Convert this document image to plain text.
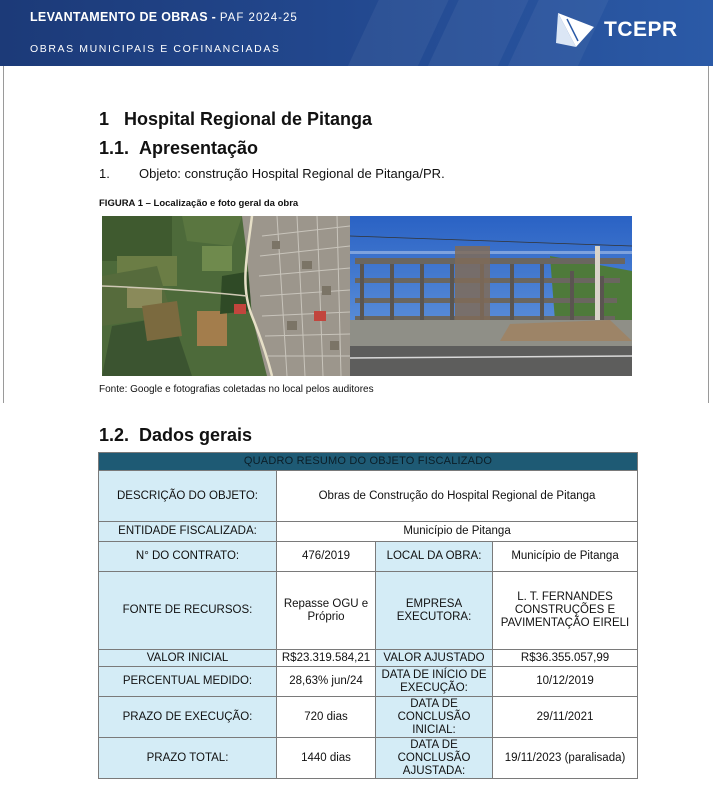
LEVANTAMENTO DE OBRAS - PAF 2024-25
OBRAS MUNICIPAIS E COFINANCIADAS
TCEPR
1 Hospital Regional de Pitanga
1.1. Apresentação
1. Objeto: construção Hospital Regional de Pitanga/PR.
FIGURA 1 – Localização e foto geral da obra
Fonte: Google e fotografias coletadas no local pelos auditores
1.2. Dados gerais
QUADRO RESUMO DO OBJETO FISCALIZADO			
DESCRIÇÃO DO OBJETO:	Obras de Construção do Hospital Regional de Pitanga		
ENTIDADE FISCALIZADA:	Município de Pitanga		
N° DO CONTRATO:	476/2019	LOCAL DA OBRA:	Município de Pitanga
FONTE DE RECURSOS:	Repasse OGU e Próprio	EMPRESA EXECUTORA:	L. T. FERNANDES CONSTRUÇÕES E PAVIMENTAÇÃO EIRELI
VALOR INICIAL	R$23.319.584,21	VALOR AJUSTADO	R$36.355.057,99
PERCENTUAL MEDIDO:	28,63% jun/24	DATA DE INÍCIO DE EXECUÇÃO:	10/12/2019
PRAZO DE EXECUÇÃO:	720 dias	DATA DE CONCLUSÃO INICIAL:	29/11/2021
PRAZO TOTAL:	1440 dias	DATA DE CONCLUSÃO AJUSTADA:	19/11/2023 (paralisada)
